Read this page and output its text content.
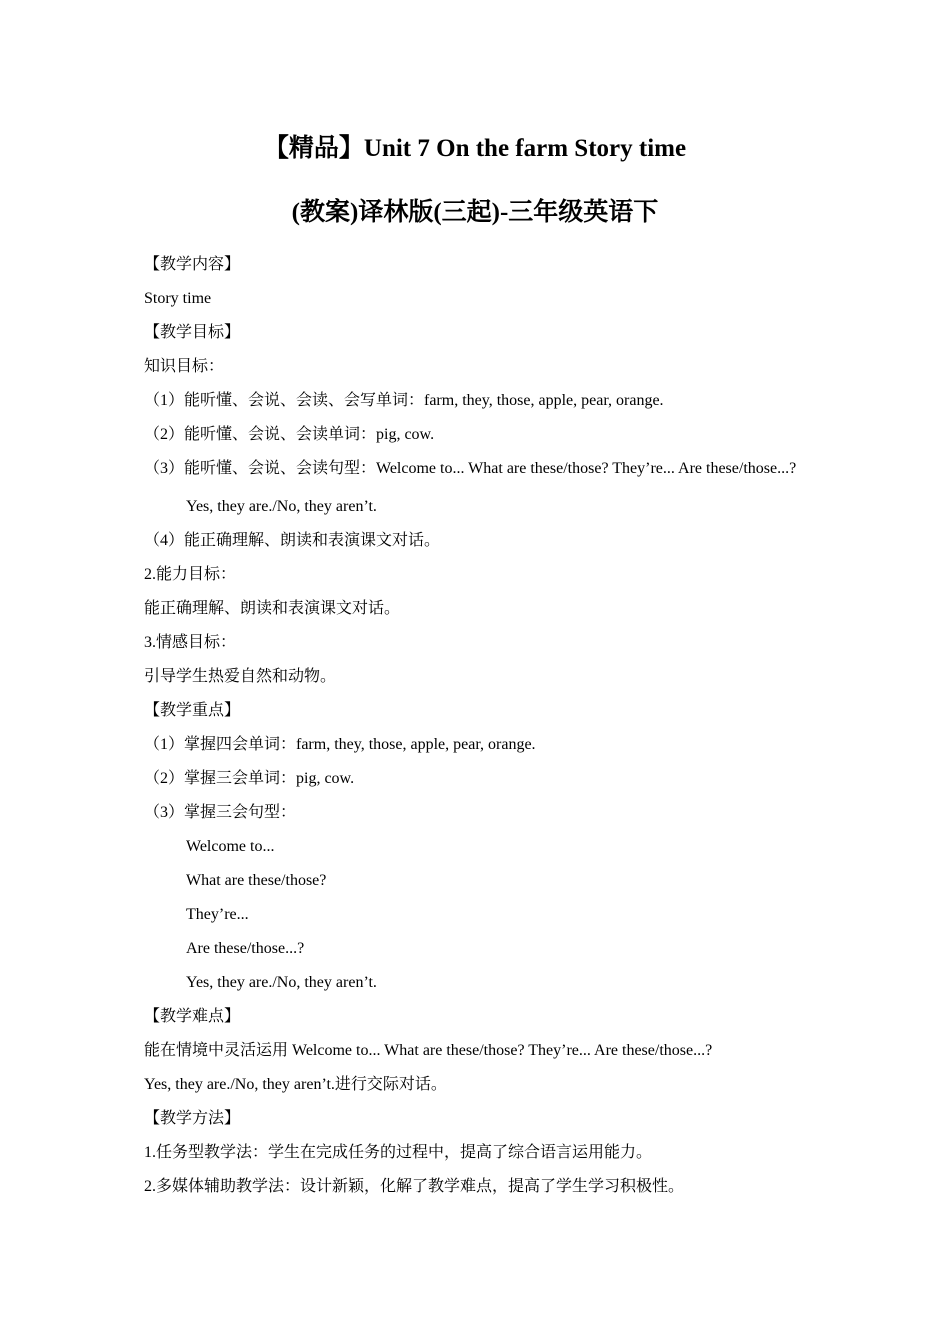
【精品】Unit 7 On the farm Story time
(教案)译林版(三起)-三年级英语下
【教学内容】
Story time
【教学目标】
知识目标：
（1）能听懂、会说、会读、会写单词：farm, they, those, apple, pear, orange.
（2）能听懂、会说、会读单词：pig, cow.
（3）能听懂、会说、会读句型：Welcome to... What are these/those? They’re... Are these/those...?
Yes, they are./No, they aren’t.
（4）能正确理解、朗读和表演课文对话。
2.能力目标：
能正确理解、朗读和表演课文对话。
3.情感目标：
引导学生热爱自然和动物。
【教学重点】
（1）掌握四会单词：farm, they, those, apple, pear, orange.
（2）掌握三会单词：pig, cow.
（3）掌握三会句型：
Welcome to...
What are these/those?
They’re...
Are these/those...?
Yes, they are./No, they aren’t.
【教学难点】
能在情境中灵活运用 Welcome to... What are these/those? They’re... Are these/those...?
Yes, they are./No, they aren’t.进行交际对话。
【教学方法】
1.任务型教学法：学生在完成任务的过程中，提高了综合语言运用能力。
2.多媒体辅助教学法：设计新颖，化解了教学难点，提高了学生学习积极性。
